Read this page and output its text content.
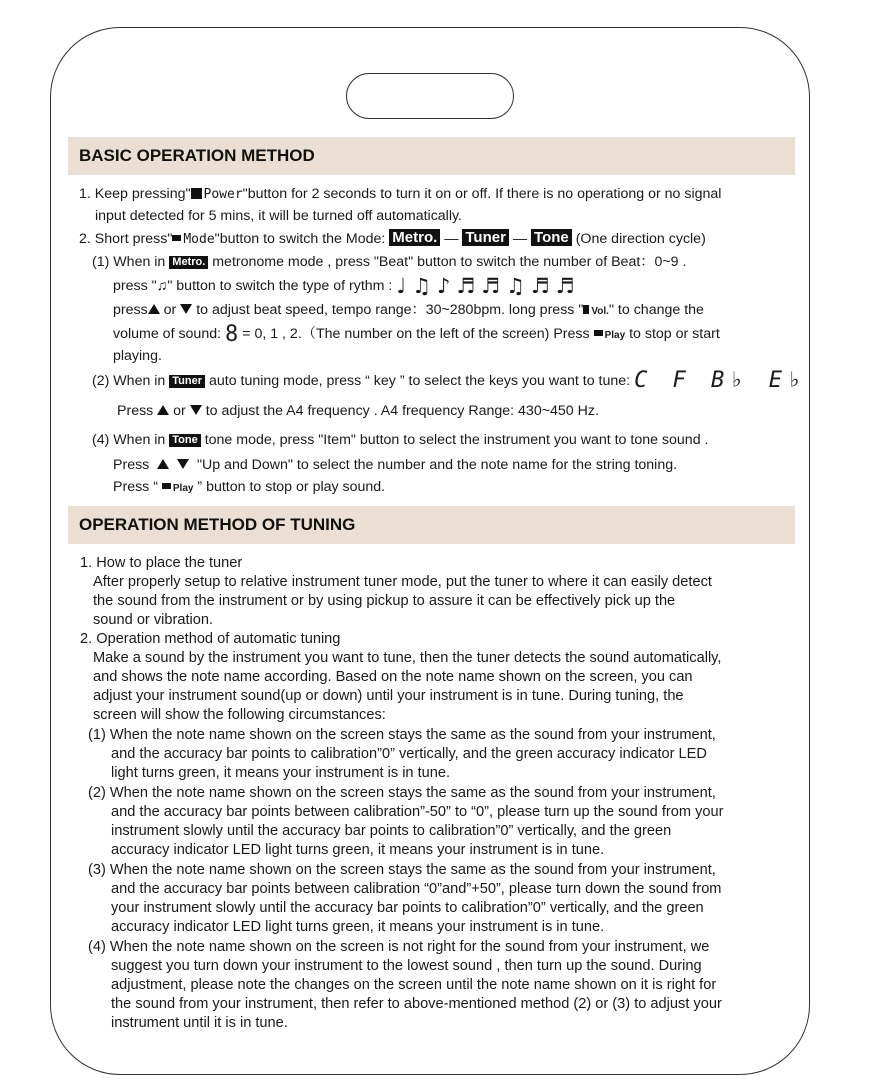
BASIC OPERATION METHOD
1. Keep pressing" Power"button for 2 seconds to turn it on or off. If there is no operationg or no signal
input detected for 5 mins, it will be turned off automatically.
2. Short press" Mode"button to switch the Mode: Metro. — Tuner — Tone (One direction cycle)
(1) When in Metro. metronome mode , press "Beat" button to switch the number of Beat：0~9 .
press "♫" button to switch the type of rythm : ♩♫♪♬♬♫♬♬
press or to adjust beat speed, tempo range：30~280bpm. long press " Vol." to change the
volume of sound: 8 = 0, 1 , 2.（The number on the left of the screen) Press Play to stop or start
playing.
(2) When in Tuner auto tuning mode, press “ key ” to select the keys you want to tune: C F B♭ E♭
Press or to adjust the A4 frequency . A4 frequency Range: 430~450 Hz.
(4) When in Tone tone mode, press "Item" button to select the instrument you want to tone sound .
Press	"Up and Down" to select the number and the note name for the string toning.
Press “ Play ” button to stop or play sound.
OPERATION METHOD OF TUNING
1. How to place the tuner
After properly setup to relative instrument tuner mode, put the tuner to where it can easily detect
the sound from the instrument or by using pickup to assure it can be effectively pick up the
sound or vibration.
2. Operation method of automatic tuning
Make a sound by the instrument you want to tune, then the tuner detects the sound automatically,
and shows the note name according. Based on the note name shown on the screen, you can
adjust your instrument sound(up or down) until your instrument is in tune. During tuning, the
screen will show the following circumstances:
(1) When the note name shown on the screen stays the same as the sound from your instrument,
and the accuracy bar points to calibration”0” vertically, and the green accuracy indicator LED
light turns green, it means your instrument is in tune.
(2) When the note name shown on the screen stays the same as the sound from your instrument,
and the accuracy bar points between calibration”-50” to “0”, please turn up the sound from your
instrument slowly until the accuracy bar points to calibration”0” vertically, and the green
accuracy indicator LED light turns green, it means your instrument is in tune.
(3) When the note name shown on the screen stays the same as the sound from your instrument,
and the accuracy bar points between calibration “0”and”+50”, please turn down the sound from
your instrument slowly until the accuracy bar points to calibration”0” vertically, and the green
accuracy indicator LED light turns green, it means your instrument is in tune.
(4) When the note name shown on the screen is not right for the sound from your instrument, we
suggest you turn down your instrument to the lowest sound , then turn up the sound. During
adjustment, please note the changes on the screen until the note name shown on it is right for
the sound from your instrument, then refer to above-mentioned method (2) or (3) to adjust your
instrument until it is in tune.
